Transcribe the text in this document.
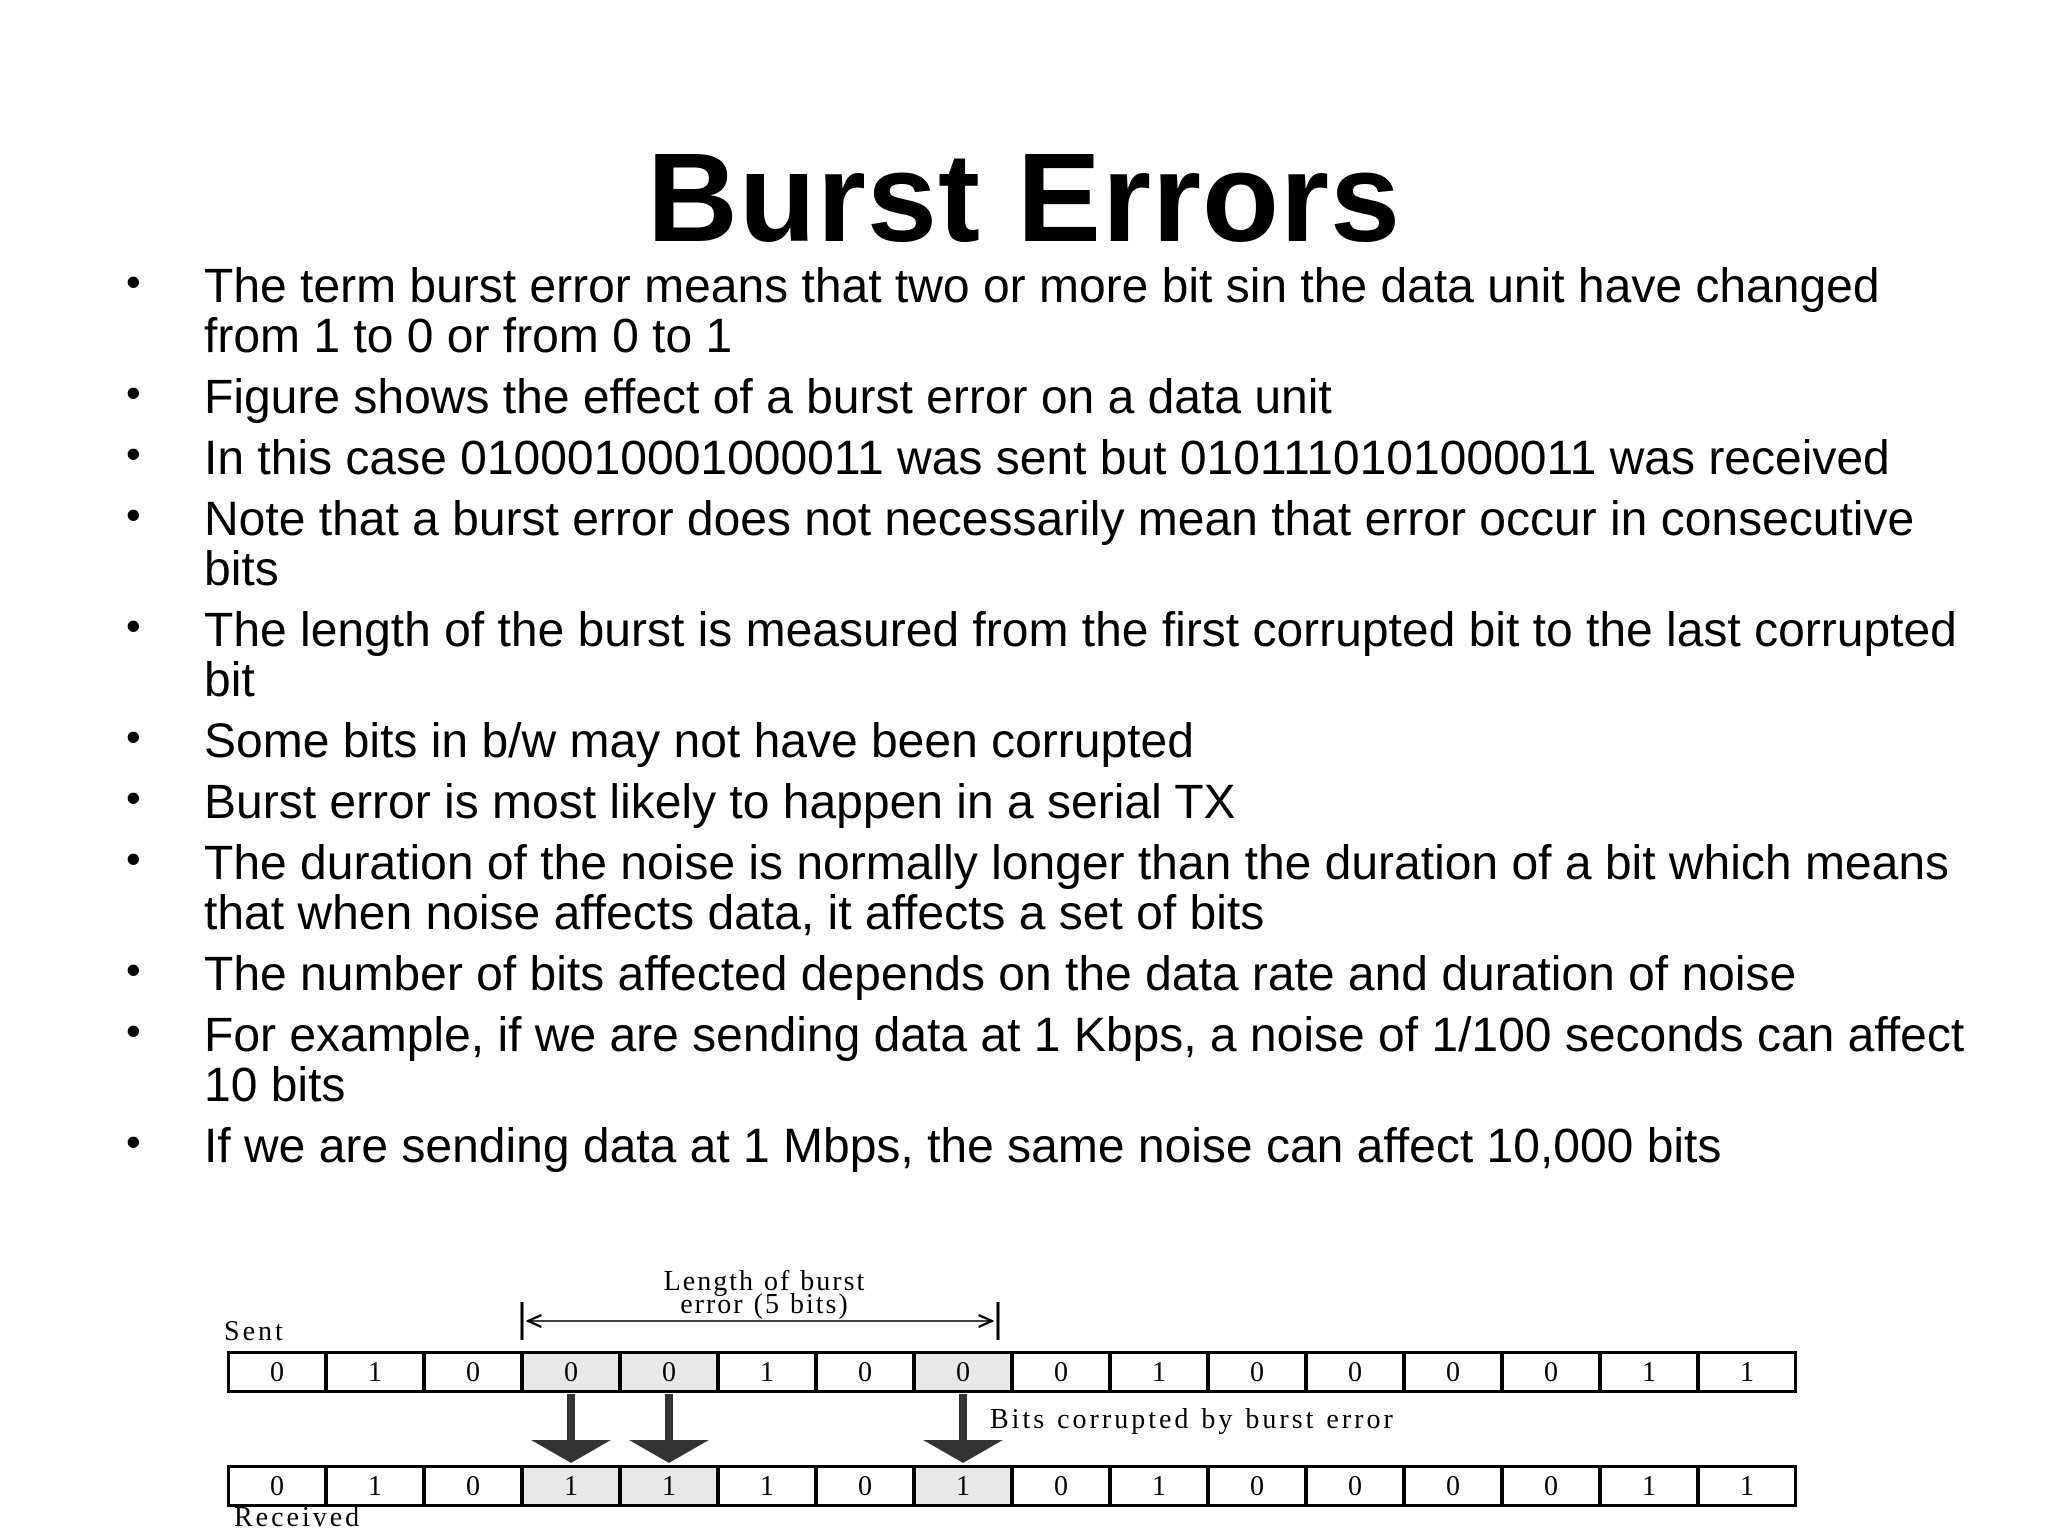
Burst Errors
• The term burst error means that two or more bit sin the data unit have changed from 1 to 0 or from 0 to 1
• Figure shows the effect of a burst error on a data unit
• In this case 0100010001000011 was sent but 0101110101000011 was received
• Note that a burst error does not necessarily mean that error occur in consecutive bits
• The length of the burst is measured from the first corrupted bit to the last corrupted bit
• Some bits in b/w may not have been corrupted
• Burst error is most likely to happen in a serial TX
• The duration of the noise is normally longer than the duration of a bit which means that when noise affects data, it affects a set of bits
• The number of bits affected depends on the data rate and duration of noise
• For example, if we are sending data at 1 Kbps, a noise of 1/100 seconds can affect 10 bits
• If we are sending data at 1 Mbps, the same noise can affect 10,000 bits
Length of burst
error (5 bits)
Sent
0	1	0	0	0	1	0	0	0	1	0	0	0	0	1	1
Bits corrupted by burst error
0	1	0	1	1	1	0	1	0	1	0	0	0	0	1	1
Received
